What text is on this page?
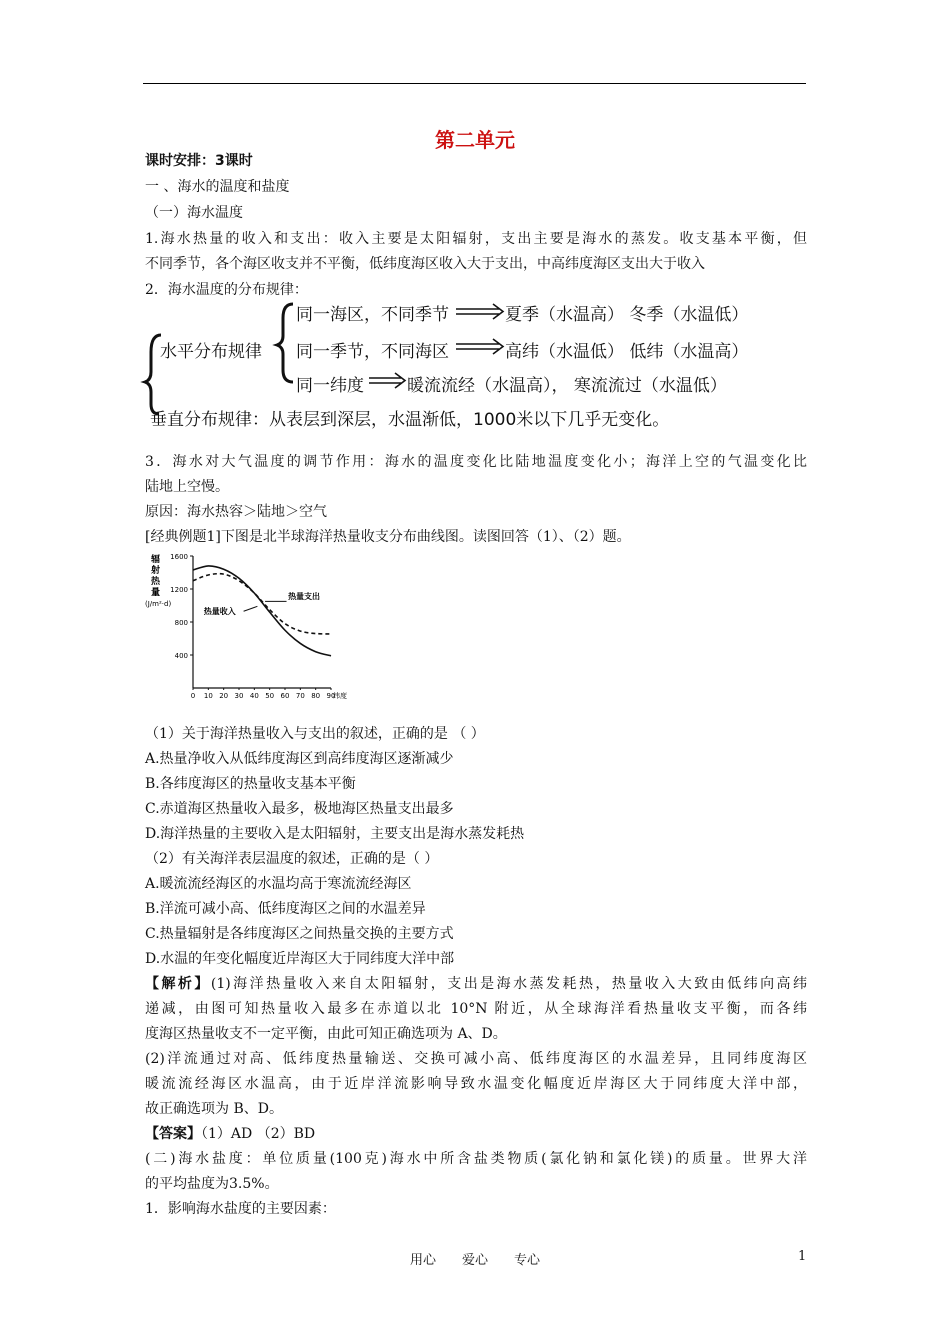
第二单元
课时安排：3课时
一 、海水的温度和盐度
（一）海水温度
1.海水热量的收入和支出：收入主要是太阳辐射，支出主要是海水的蒸发。收支基本平衡，但
不同季节，各个海区收支并不平衡，低纬度海区收入大于支出，中高纬度海区支出大于收入
2．海水温度的分布规律：
水平分布规律
同一海区，不同季节	夏季（水温高） 冬季（水温低）
同一季节，不同海区	高纬（水温低） 低纬（水温高）
同一纬度	暖流流经（水温高）， 寒流流过（水温低）
垂直分布规律：从表层到深层，水温渐低，1000米以下几乎无变化。
3．海水对大气温度的调节作用：海水的温度变化比陆地温度变化小；海洋上空的气温变化比
陆地上空慢。
原因：海水热容＞陆地＞空气
[经典例题1]下图是北半球海洋热量收支分布曲线图。读图回答（1）、（2）题。
辐
射
热
量
(J/m²·d)
400
800
1200
1600
0 10 20 30 40 50 60 70 80 90
纬度
热量支出
热量收入
（1）关于海洋热量收入与支出的叙述，正确的是 （ ）
A.热量净收入从低纬度海区到高纬度海区逐渐减少
B.各纬度海区的热量收支基本平衡
C.赤道海区热量收入最多，极地海区热量支出最多
D.海洋热量的主要收入是太阳辐射，主要支出是海水蒸发耗热
（2）有关海洋表层温度的叙述，正确的是（ ）
A.暖流流经海区的水温均高于寒流流经海区
B.洋流可减小高、低纬度海区之间的水温差异
C.热量辐射是各纬度海区之间热量交换的主要方式
D.水温的年变化幅度近岸海区大于同纬度大洋中部
【解析】(1)海洋热量收入来自太阳辐射，支出是海水蒸发耗热，热量收入大致由低纬向高纬
递减，由图可知热量收入最多在赤道以北 10°N 附近，从全球海洋看热量收支平衡，而各纬
度海区热量收支不一定平衡，由此可知正确选项为 A、D。
(2)洋流通过对高、低纬度热量输送、交换可减小高、低纬度海区的水温差异，且同纬度海区
暖流流经海区水温高，由于近岸洋流影响导致水温变化幅度近岸海区大于同纬度大洋中部，
故正确选项为 B、D。
【答案】（1）AD （2）BD
(二)海水盐度：单位质量(100克)海水中所含盐类物质(氯化钠和氯化镁)的质量。世界大洋
的平均盐度为3.5%。
1．影响海水盐度的主要因素：
用心　　爱心　　专心	1
